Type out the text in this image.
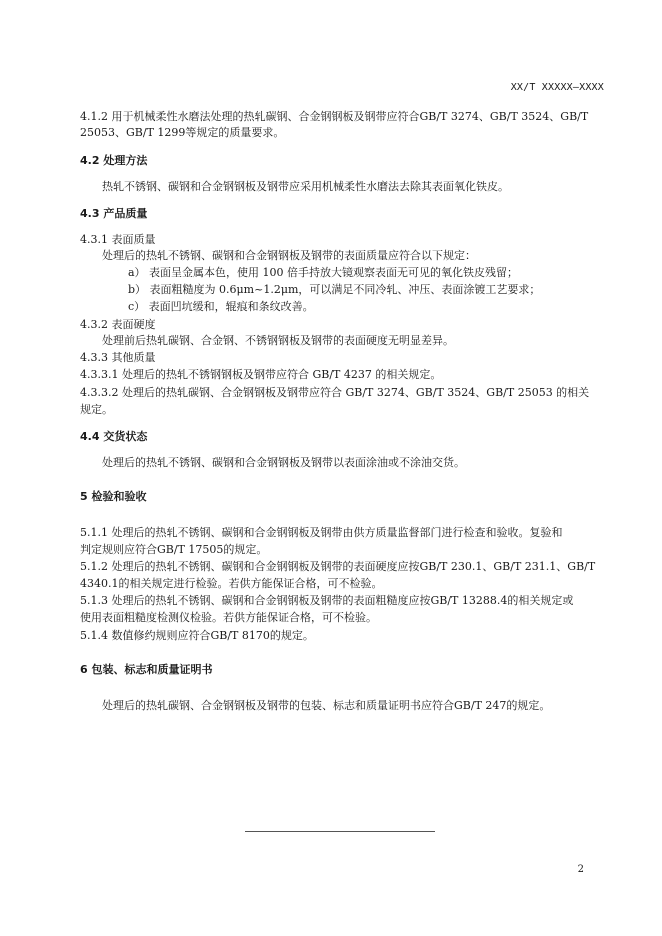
XX/T XXXXX—XXXX
4.1.2 用于机械柔性水磨法处理的热轧碳钢、合金钢钢板及钢带应符合GB/T 3274、GB/T 3524、GB/T
25053、GB/T 1299等规定的质量要求。
4.2 处理方法
热轧不锈钢、碳钢和合金钢钢板及钢带应采用机械柔性水磨法去除其表面氧化铁皮。
4.3 产品质量
4.3.1 表面质量
处理后的热轧不锈钢、碳钢和合金钢钢板及钢带的表面质量应符合以下规定：
a） 表面呈金属本色，使用 100 倍手持放大镜观察表面无可见的氧化铁皮残留；
b） 表面粗糙度为 0.6μm~1.2μm，可以满足不同冷轧、冲压、表面涂镀工艺要求；
c） 表面凹坑缓和，辊痕和条纹改善。
4.3.2 表面硬度
处理前后热轧碳钢、合金钢、不锈钢钢板及钢带的表面硬度无明显差异。
4.3.3 其他质量
4.3.3.1 处理后的热轧不锈钢钢板及钢带应符合 GB/T 4237 的相关规定。
4.3.3.2 处理后的热轧碳钢、合金钢钢板及钢带应符合 GB/T 3274、GB/T 3524、GB/T 25053 的相关
规定。
4.4 交货状态
处理后的热轧不锈钢、碳钢和合金钢钢板及钢带以表面涂油或不涂油交货。
5 检验和验收
5.1.1 处理后的热轧不锈钢、碳钢和合金钢钢板及钢带由供方质量监督部门进行检查和验收。复验和
判定规则应符合GB/T 17505的规定。
5.1.2 处理后的热轧不锈钢、碳钢和合金钢钢板及钢带的表面硬度应按GB/T 230.1、GB/T 231.1、GB/T
4340.1的相关规定进行检验。若供方能保证合格，可不检验。
5.1.3 处理后的热轧不锈钢、碳钢和合金钢钢板及钢带的表面粗糙度应按GB/T 13288.4的相关规定或
使用表面粗糙度检测仪检验。若供方能保证合格，可不检验。
5.1.4 数值修约规则应符合GB/T 8170的规定。
6 包装、标志和质量证明书
处理后的热轧碳钢、合金钢钢板及钢带的包装、标志和质量证明书应符合GB/T 247的规定。
2
